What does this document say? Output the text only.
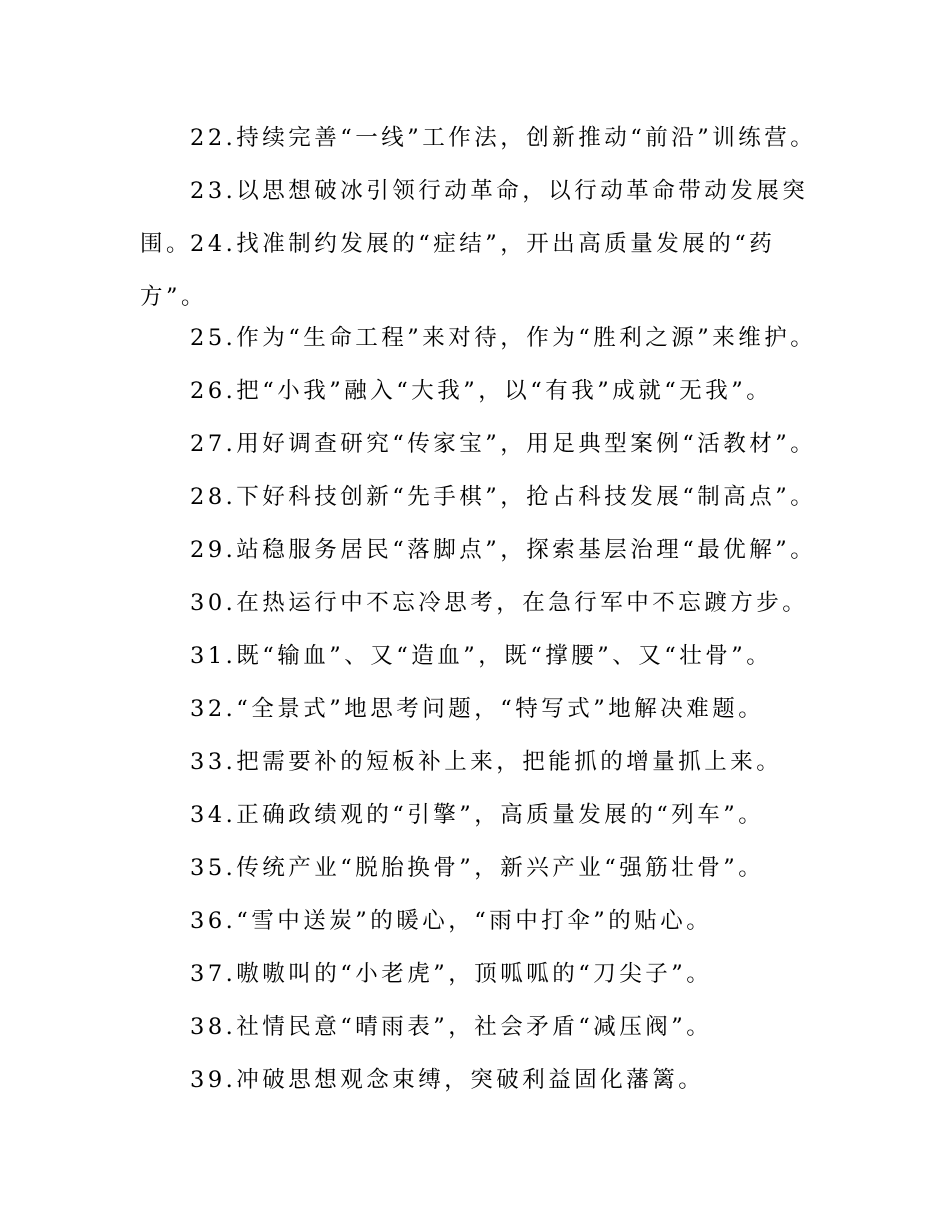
22.持续完善“一线”工作法，创新推动“前沿”训练营。

23.以思想破冰引领行动革命，以行动革命带动发展突围。

24.找准制约发展的“症结”，开出高质量发展的“药方”。

25.作为“生命工程”来对待，作为“胜利之源”来维护。

26.把“小我”融入“大我”，以“有我”成就“无我”。

27.用好调查研究“传家宝”，用足典型案例“活教材”。

28.下好科技创新“先手棋”，抢占科技发展“制高点”。

29.站稳服务居民“落脚点”，探索基层治理“最优解”。

30.在热运行中不忘冷思考，在急行军中不忘踱方步。

31.既“输血”、又“造血”，既“撑腰”、又“壮骨”。

32.“全景式”地思考问题，“特写式”地解决难题。

33.把需要补的短板补上来，把能抓的增量抓上来。

34.正确政绩观的“引擎”，高质量发展的“列车”。

35.传统产业“脱胎换骨”，新兴产业“强筋壮骨”。

36.“雪中送炭”的暖心，“雨中打伞”的贴心。

37.嗷嗷叫的“小老虎”，顶呱呱的“刀尖子”。

38.社情民意“晴雨表”，社会矛盾“减压阀”。

39.冲破思想观念束缚，突破利益固化藩篱。
